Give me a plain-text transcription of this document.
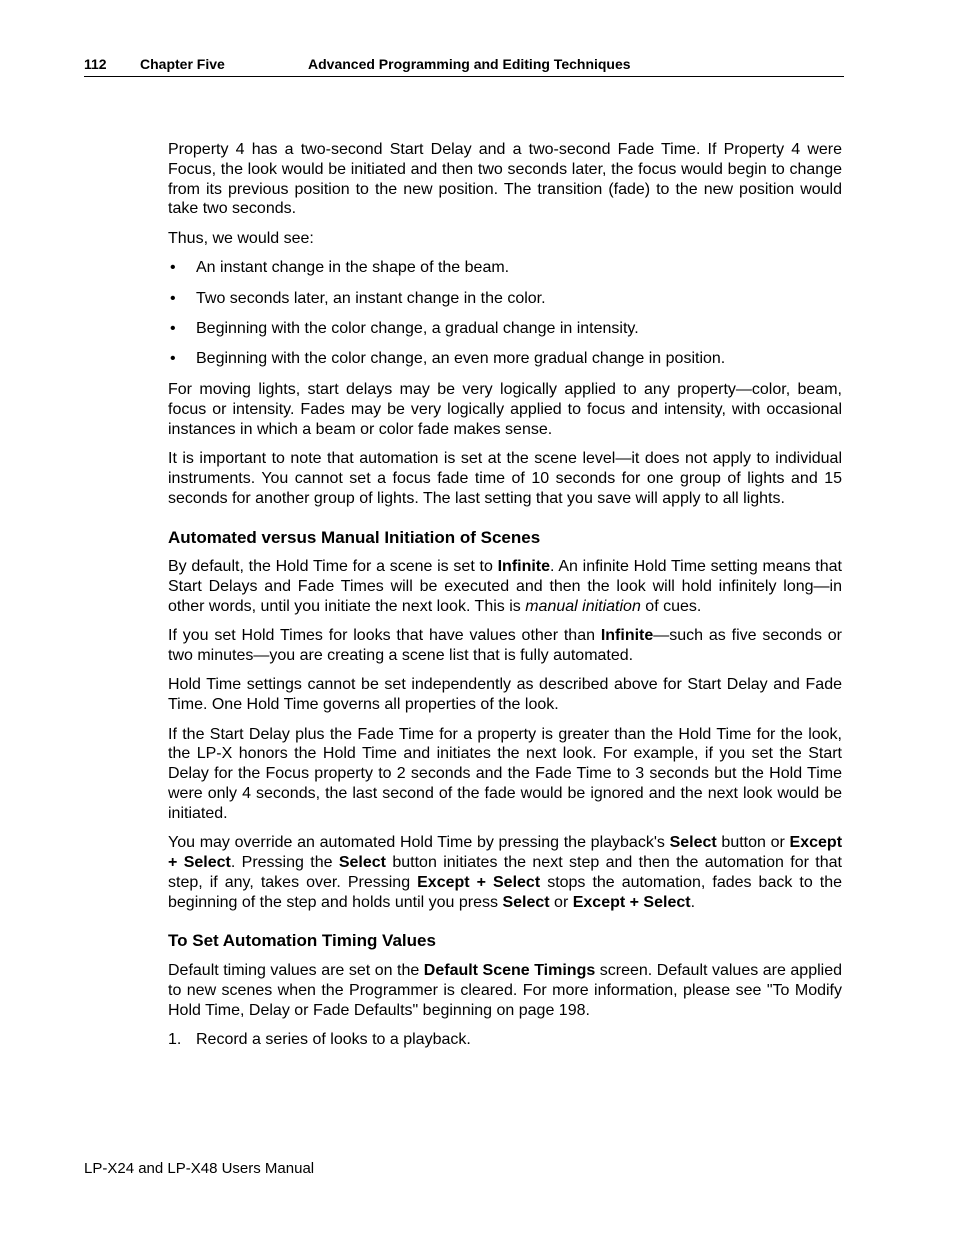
112 Chapter Five	Advanced Programming and Editing Techniques

Property 4 has a two-second Start Delay and a two-second Fade Time. If Property 4 were Focus, the look would be initiated and then two seconds later, the focus would begin to change from its previous position to the new position. The transition (fade) to the new position would take two seconds.

Thus, we would see:

• An instant change in the shape of the beam.
• Two seconds later, an instant change in the color.
• Beginning with the color change, a gradual change in intensity.
• Beginning with the color change, an even more gradual change in position.

For moving lights, start delays may be very logically applied to any property—color, beam, focus or intensity. Fades may be very logically applied to focus and intensity, with occasional instances in which a beam or color fade makes sense.

It is important to note that automation is set at the scene level—it does not apply to individual instruments. You cannot set a focus fade time of 10 seconds for one group of lights and 15 seconds for another group of lights. The last setting that you save will apply to all lights.

Automated versus Manual Initiation of Scenes

By default, the Hold Time for a scene is set to Infinite. An infinite Hold Time setting means that Start Delays and Fade Times will be executed and then the look will hold infinitely long—in other words, until you initiate the next look. This is manual initiation of cues.

If you set Hold Times for looks that have values other than Infinite—such as five seconds or two minutes—you are creating a scene list that is fully automated.

Hold Time settings cannot be set independently as described above for Start Delay and Fade Time. One Hold Time governs all properties of the look.

If the Start Delay plus the Fade Time for a property is greater than the Hold Time for the look, the LP-X honors the Hold Time and initiates the next look. For example, if you set the Start Delay for the Focus property to 2 seconds and the Fade Time to 3 seconds but the Hold Time were only 4 seconds, the last second of the fade would be ignored and the next look would be initiated.

You may override an automated Hold Time by pressing the playback's Select button or Except + Select. Pressing the Select button initiates the next step and then the automation for that step, if any, takes over. Pressing Except + Select stops the automation, fades back to the beginning of the step and holds until you press Select or Except + Select.

To Set Automation Timing Values

Default timing values are set on the Default Scene Timings screen. Default values are applied to new scenes when the Programmer is cleared. For more information, please see "To Modify Hold Time, Delay or Fade Defaults" beginning on page 198.

1. Record a series of looks to a playback.
LP-X24 and LP-X48 Users Manual
